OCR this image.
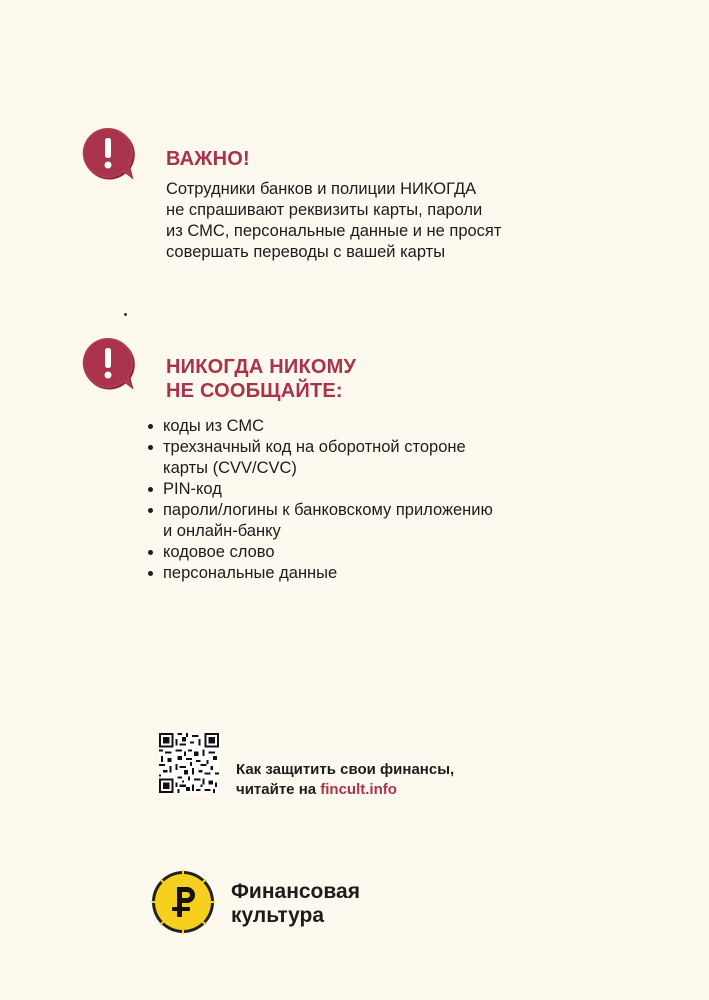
ВАЖНО!

Сотрудники банков и полиции НИКОГДА
не спрашивают реквизиты карты, пароли
из СМС, персональные данные и не просят
совершать переводы с вашей карты

НИКОГДА НИКОМУ
НЕ СООБЩАЙТЕ:
коды из СМС
трехзначный код на оборотной стороне
карты (CVV/CVC)
PIN-код
пароли/логины к банковскому приложению
и онлайн-банку
кодовое слово
персональные данные

Как защитить свои финансы,
читайте на fincult.info

Финансовая
культура
